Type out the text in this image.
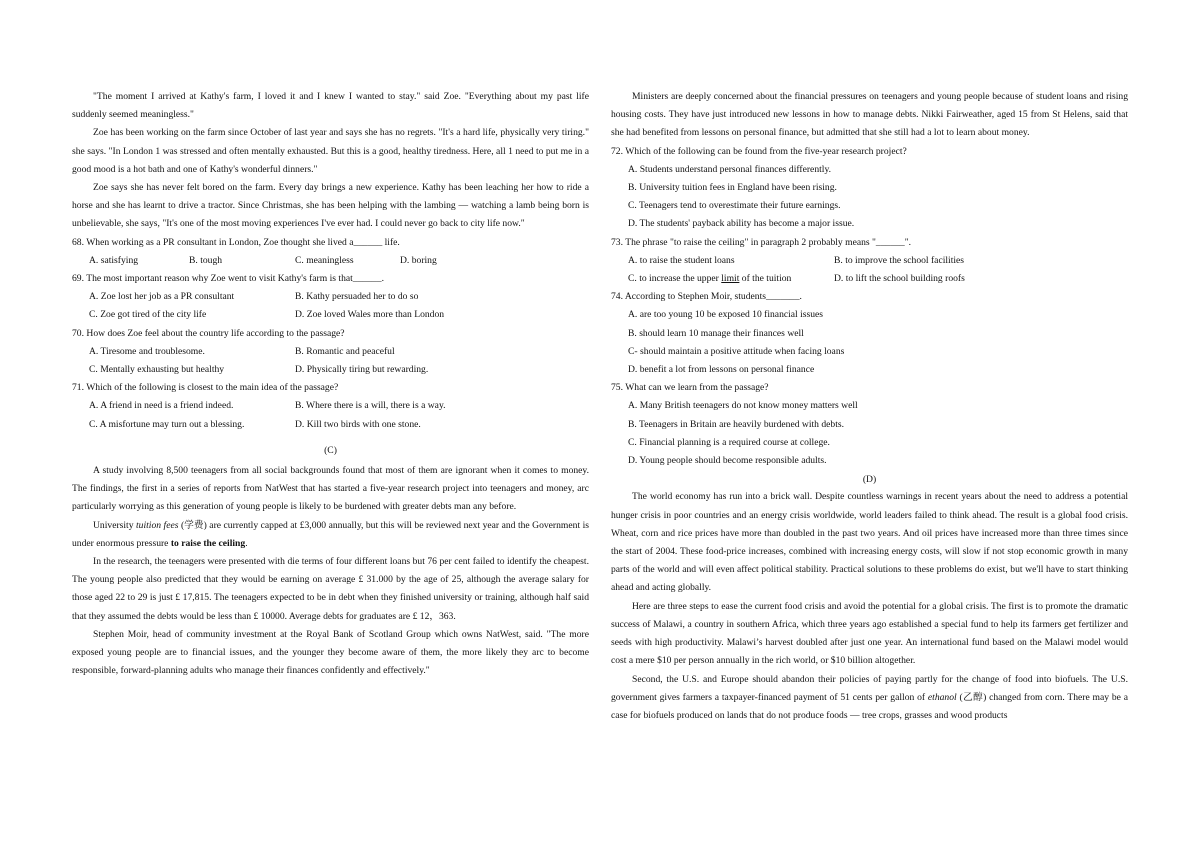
"The moment I arrived at Kathy's farm, I loved it and I knew I wanted to stay." said Zoe. "Everything about my past life suddenly seemed meaningless."

Zoe has been working on the farm since October of last year and says she has no regrets. "It's a hard life, physically very tiring." she says. "In London 1 was stressed and often mentally exhausted. But this is a good, healthy tiredness. Here, all 1 need to put me in a good mood is a hot bath and one of Kathy's wonderful dinners."

Zoe says she has never felt bored on the farm. Every day brings a new experience. Kathy has been leaching her how to ride a horse and she has learnt to drive a tractor. Since Christmas, she has been helping with the lambing — watching a lamb being born is unbelievable, she says, "It's one of the most moving experiences I've ever had. I could never go back to city life now."

68. When working as a PR consultant in London, Zoe thought she lived a______ life.

A. satisfying	B. tough	C. meaningless	D. boring

69. The most important reason why Zoe went to visit Kathy's farm is that______.

A. Zoe lost her job as a PR consultant	B. Kathy persuaded her to do so
C. Zoe got tired of the city life	D. Zoe loved Wales more than London

70. How does Zoe feel about the country life according to the passage?

A. Tiresome and troublesome.	B. Romantic and peaceful
C. Mentally exhausting but healthy	D. Physically tiring but rewarding.

71. Which of the following is closest to the main idea of the passage?

A. A friend in need is a friend indeed.	B. Where there is a will, there is a way.
C. A misfortune may turn out a blessing.	D. Kill two birds with one stone.
(C)

A study involving 8,500 teenagers from all social backgrounds found that most of them are ignorant when it comes to money. The findings, the first in a series of reports from NatWest that has started a five-year research project into teenagers and money, arc particularly worrying as this generation of young people is likely to be burdened with greater debts man any before.

University tuition fees (学费) are currently capped at £3,000 annually, but this will be reviewed next year and the Government is under enormous pressure to raise the ceiling.

In the research, the teenagers were presented with die terms of four different loans but 76 per cent failed to identify the cheapest. The young people also predicted that they would be earning on average £ 31.000 by the age of 25, although the average salary for those aged 22 to 29 is just £ 17,815. The teenagers expected to be in debt when they finished university or training, although half said that they assumed the debts would be less than £ 10000. Average debts for graduates are £ 12，363.

Stephen Moir, head of community investment at the Royal Bank of Scotland Group which owns NatWest, said. "The more exposed young people are to financial issues, and the younger they become aware of them, the more likely they arc to become responsible, forward-planning adults who manage their finances confidently and effectively."

Ministers are deeply concerned about the financial pressures on teenagers and young people because of student loans and rising housing costs. They have just introduced new lessons in how to manage debts. Nikki Fairweather, aged 15 from St Helens, said that she had benefited from lessons on personal finance, but admitted that she still had a lot to learn about money.

72. Which of the following can be found from the five-year research project?

A. Students understand personal finances differently.
B. University tuition fees in England have been rising.
C. Teenagers tend to overestimate their future earnings.
D. The students' payback ability has become a major issue.

73. The phrase "to raise the ceiling" in paragraph 2 probably means "______".

A. to raise the student loans	B. to improve the school facilities
C. to increase the upper limit of the tuition	D. to lift the school building roofs

74. According to Stephen Moir, students_______.

A. are too young 10 be exposed 10 financial issues
B. should learn 10 manage their finances well
C- should maintain a positive attitude when facing loans
D. benefit a lot from lessons on personal finance

75. What can we learn from the passage?

A. Many British teenagers do not know money matters well
B. Teenagers in Britain are heavily burdened with debts.
C. Financial planning is a required course at college.
D. Young people should become responsible adults.
(D)

The world economy has run into a brick wall. Despite countless warnings in recent years about the need to address a potential hunger crisis in poor countries and an energy crisis worldwide, world leaders failed to think ahead. The result is a global food crisis. Wheat, corn and rice prices have more than doubled in the past two years. And oil prices have increased more than three times since the start of 2004. These food-price increases, combined with increasing energy costs, will slow if not stop economic growth in many parts of the world and will even affect political stability. Practical solutions to these problems do exist, but we'll have to start thinking ahead and acting globally.

Here are three steps to ease the current food crisis and avoid the potential for a global crisis. The first is to promote the dramatic success of Malawi, a country in southern Africa, which three years ago established a special fund to help its farmers get fertilizer and seeds with high productivity. Malawi’s harvest doubled after just one year. An international fund based on the Malawi model would cost a mere $10 per person annually in the rich world, or $10 billion altogether.

Second, the U.S. and Europe should abandon their policies of paying partly for the change of food into biofuels. The U.S. government gives farmers a taxpayer-financed payment of 51 cents per gallon of ethanol (乙醇) changed from corn. There may be a case for biofuels produced on lands that do not produce foods — tree crops, grasses and wood products
